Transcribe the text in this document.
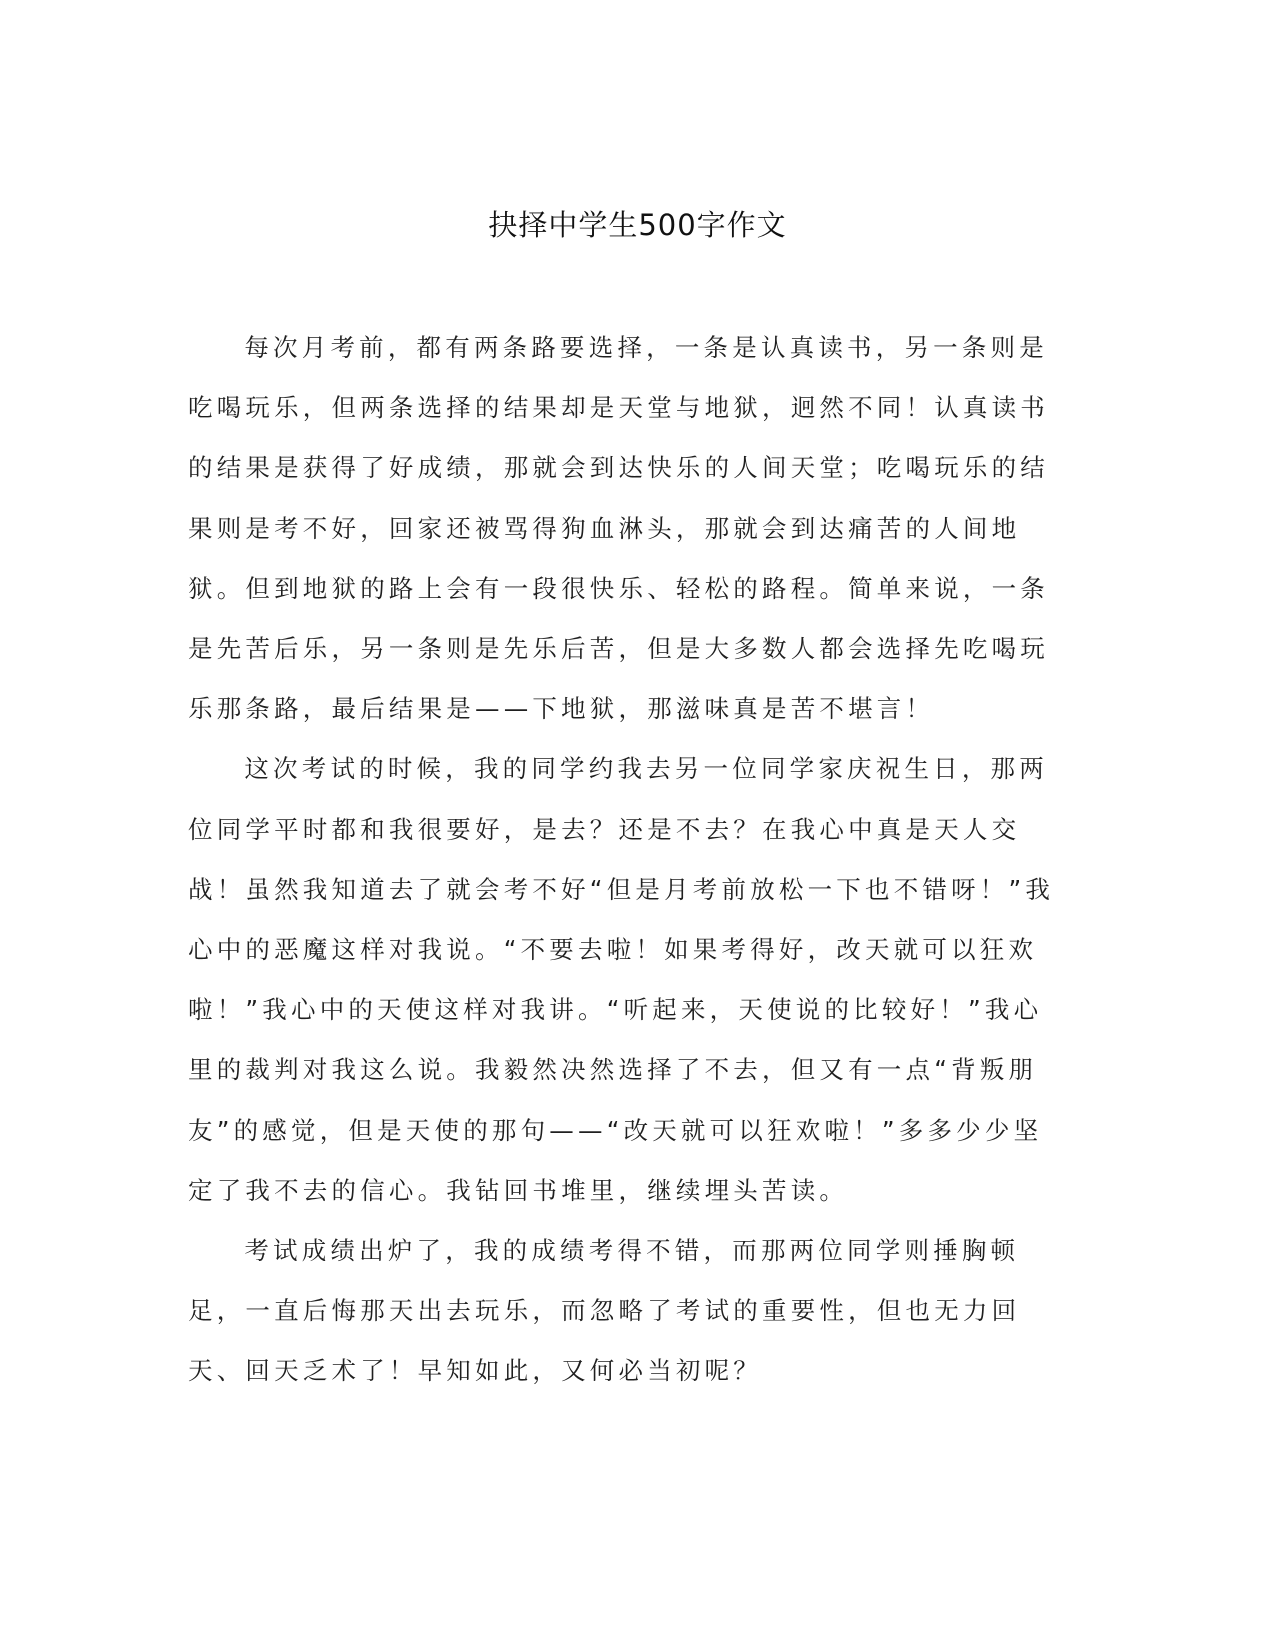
抉择中学生500字作文

每次月考前，都有两条路要选择，一条是认真读书，另一条则是吃喝玩乐，但两条选择的结果却是天堂与地狱，迥然不同！认真读书的结果是获得了好成绩，那就会到达快乐的人间天堂；吃喝玩乐的结果则是考不好，回家还被骂得狗血淋头，那就会到达痛苦的人间地狱。但到地狱的路上会有一段很快乐、轻松的路程。简单来说，一条是先苦后乐，另一条则是先乐后苦，但是大多数人都会选择先吃喝玩乐那条路，最后结果是——下地狱，那滋味真是苦不堪言！

这次考试的时候，我的同学约我去另一位同学家庆祝生日，那两位同学平时都和我很要好，是去？还是不去？在我心中真是天人交战！虽然我知道去了就会考不好“但是月考前放松一下也不错呀！”我心中的恶魔这样对我说。“不要去啦！如果考得好，改天就可以狂欢啦！”我心中的天使这样对我讲。“听起来，天使说的比较好！”我心里的裁判对我这么说。我毅然决然选择了不去，但又有一点“背叛朋友”的感觉，但是天使的那句——“改天就可以狂欢啦！”多多少少坚定了我不去的信心。我钻回书堆里，继续埋头苦读。

考试成绩出炉了，我的成绩考得不错，而那两位同学则捶胸顿足，一直后悔那天出去玩乐，而忽略了考试的重要性，但也无力回天、回天乏术了！早知如此，又何必当初呢？
